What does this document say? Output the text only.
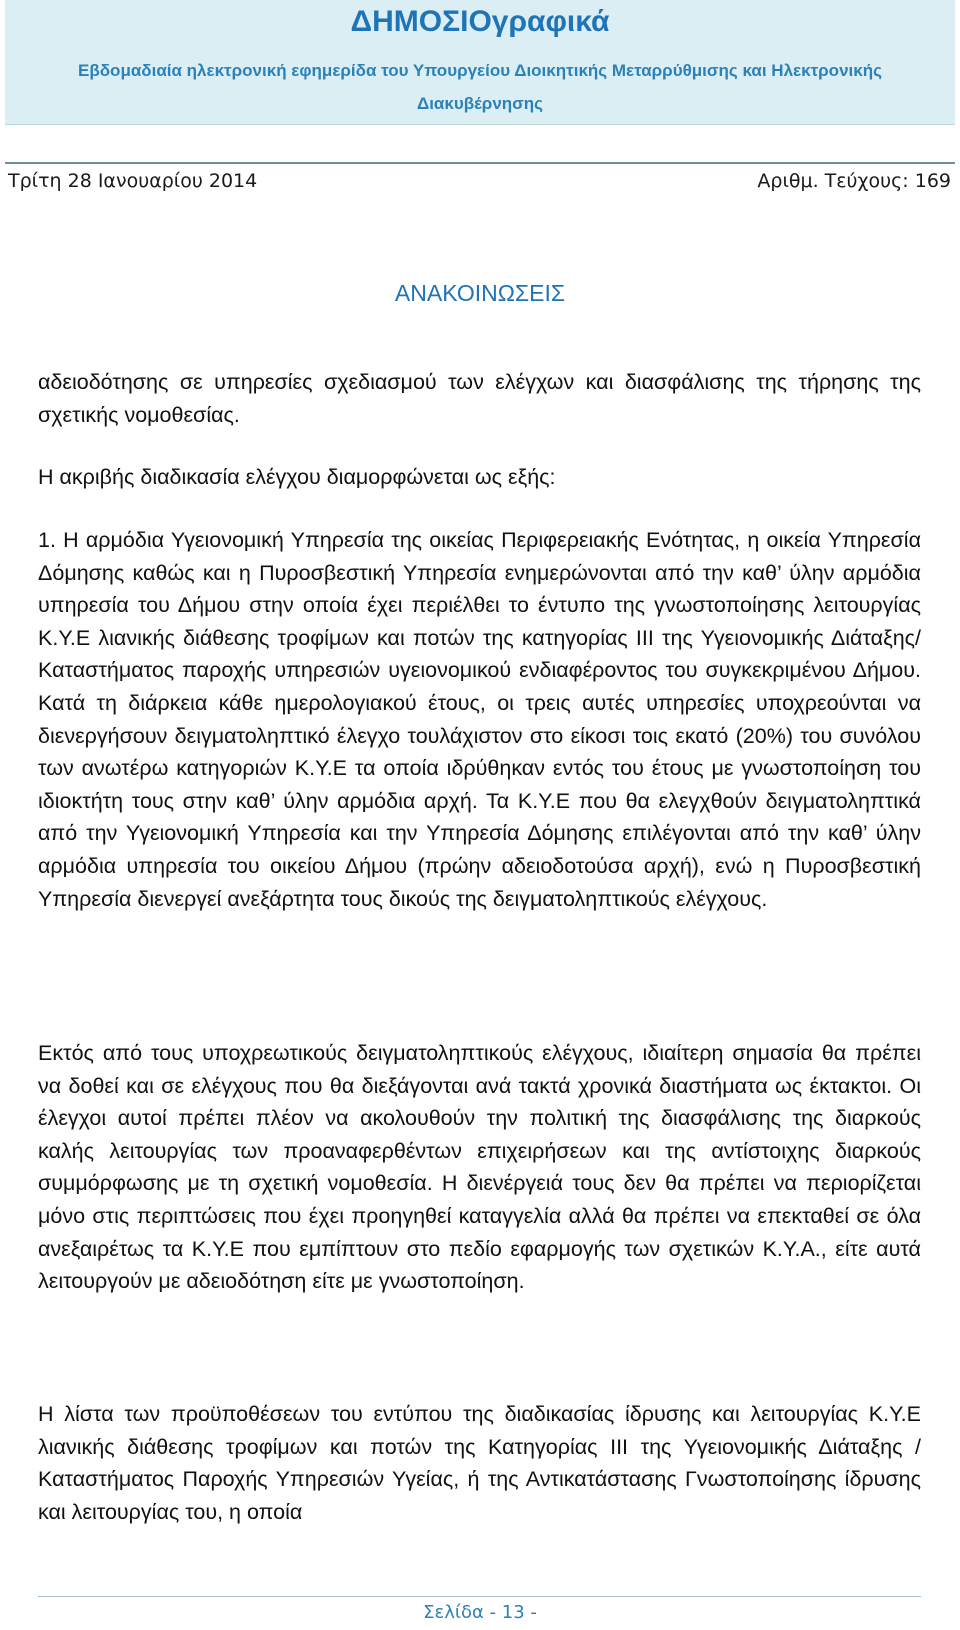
ΔΗΜΟΣΙΟγραφικά
Εβδομαδιαία ηλεκτρονική εφημερίδα του Υπουργείου Διοικητικής Μεταρρύθμισης και Ηλεκτρονικής Διακυβέρνησης
Τρίτη 28 Ιανουαρίου 2014	Αριθμ. Τεύχους: 169
ΑΝΑΚΟΙΝΩΣΕΙΣ

αδειοδότησης σε υπηρεσίες σχεδιασμού των ελέγχων και διασφάλισης της τήρησης της σχετικής νομοθεσίας.

Η ακριβής διαδικασία ελέγχου διαμορφώνεται ως εξής:

1. Η αρμόδια Υγειονομική Υπηρεσία της οικείας Περιφερειακής Ενότητας, η οικεία Υπηρεσία Δόμησης καθώς και η Πυροσβεστική Υπηρεσία ενημερώνονται από την καθ’ ύλην αρμόδια υπηρεσία του Δήμου στην οποία έχει περιέλθει το έντυπο της γνωστοποίησης λειτουργίας Κ.Υ.Ε λιανικής διάθεσης τροφίμων και ποτών της κατηγορίας ΙΙΙ της Υγειονομικής Διάταξης/ Καταστήματος παροχής υπηρεσιών υγειονομικού ενδιαφέροντος του συγκεκριμένου Δήμου. Κατά τη διάρκεια κάθε ημερολογιακού έτους, οι τρεις αυτές υπηρεσίες υποχρεούνται να διενεργήσουν δειγματοληπτικό έλεγχο τουλάχιστον στο είκοσι τοις εκατό (20%) του συνόλου των ανωτέρω κατηγοριών Κ.Υ.Ε τα οποία ιδρύθηκαν εντός του έτους με γνωστοποίηση του ιδιοκτήτη τους στην καθ’ ύλην αρμόδια αρχή. Τα Κ.Υ.Ε που θα ελεγχθούν δειγματοληπτικά από την Υγειονομική Υπηρεσία και την Υπηρεσία Δόμησης επιλέγονται από την καθ’ ύλην αρμόδια υπηρεσία του οικείου Δήμου (πρώην αδειοδοτούσα αρχή), ενώ η Πυροσβεστική Υπηρεσία διενεργεί ανεξάρτητα τους δικούς της δειγματοληπτικούς ελέγχους.

Εκτός από τους υποχρεωτικούς δειγματοληπτικούς ελέγχους, ιδιαίτερη σημασία θα πρέπει να δοθεί και σε ελέγχους που θα διεξάγονται ανά τακτά χρονικά διαστήματα ως έκτακτοι. Οι έλεγχοι αυτοί πρέπει πλέον να ακολουθούν την πολιτική της διασφάλισης της διαρκούς καλής λειτουργίας των προαναφερθέντων επιχειρήσεων και της αντίστοιχης διαρκούς συμμόρφωσης με τη σχετική νομοθεσία. Η διενέργειά τους δεν θα πρέπει να περιορίζεται μόνο στις περιπτώσεις που έχει προηγηθεί καταγγελία αλλά θα πρέπει να επεκταθεί σε όλα ανεξαιρέτως τα Κ.Υ.Ε που εμπίπτουν στο πεδίο εφαρμογής των σχετικών Κ.Υ.Α., είτε αυτά λειτουργούν με αδειοδότηση είτε με γνωστοποίηση.

Η λίστα των προϋποθέσεων του εντύπου της διαδικασίας ίδρυσης και λειτουργίας Κ.Υ.Ε λιανικής διάθεσης τροφίμων και ποτών της Κατηγορίας ΙΙΙ της Υγειονομικής Διάταξης / Καταστήματος Παροχής Υπηρεσιών Υγείας, ή της Αντικατάστασης Γνωστοποίησης ίδρυσης και λειτουργίας του, η οποία

Σελίδα - 13 -
